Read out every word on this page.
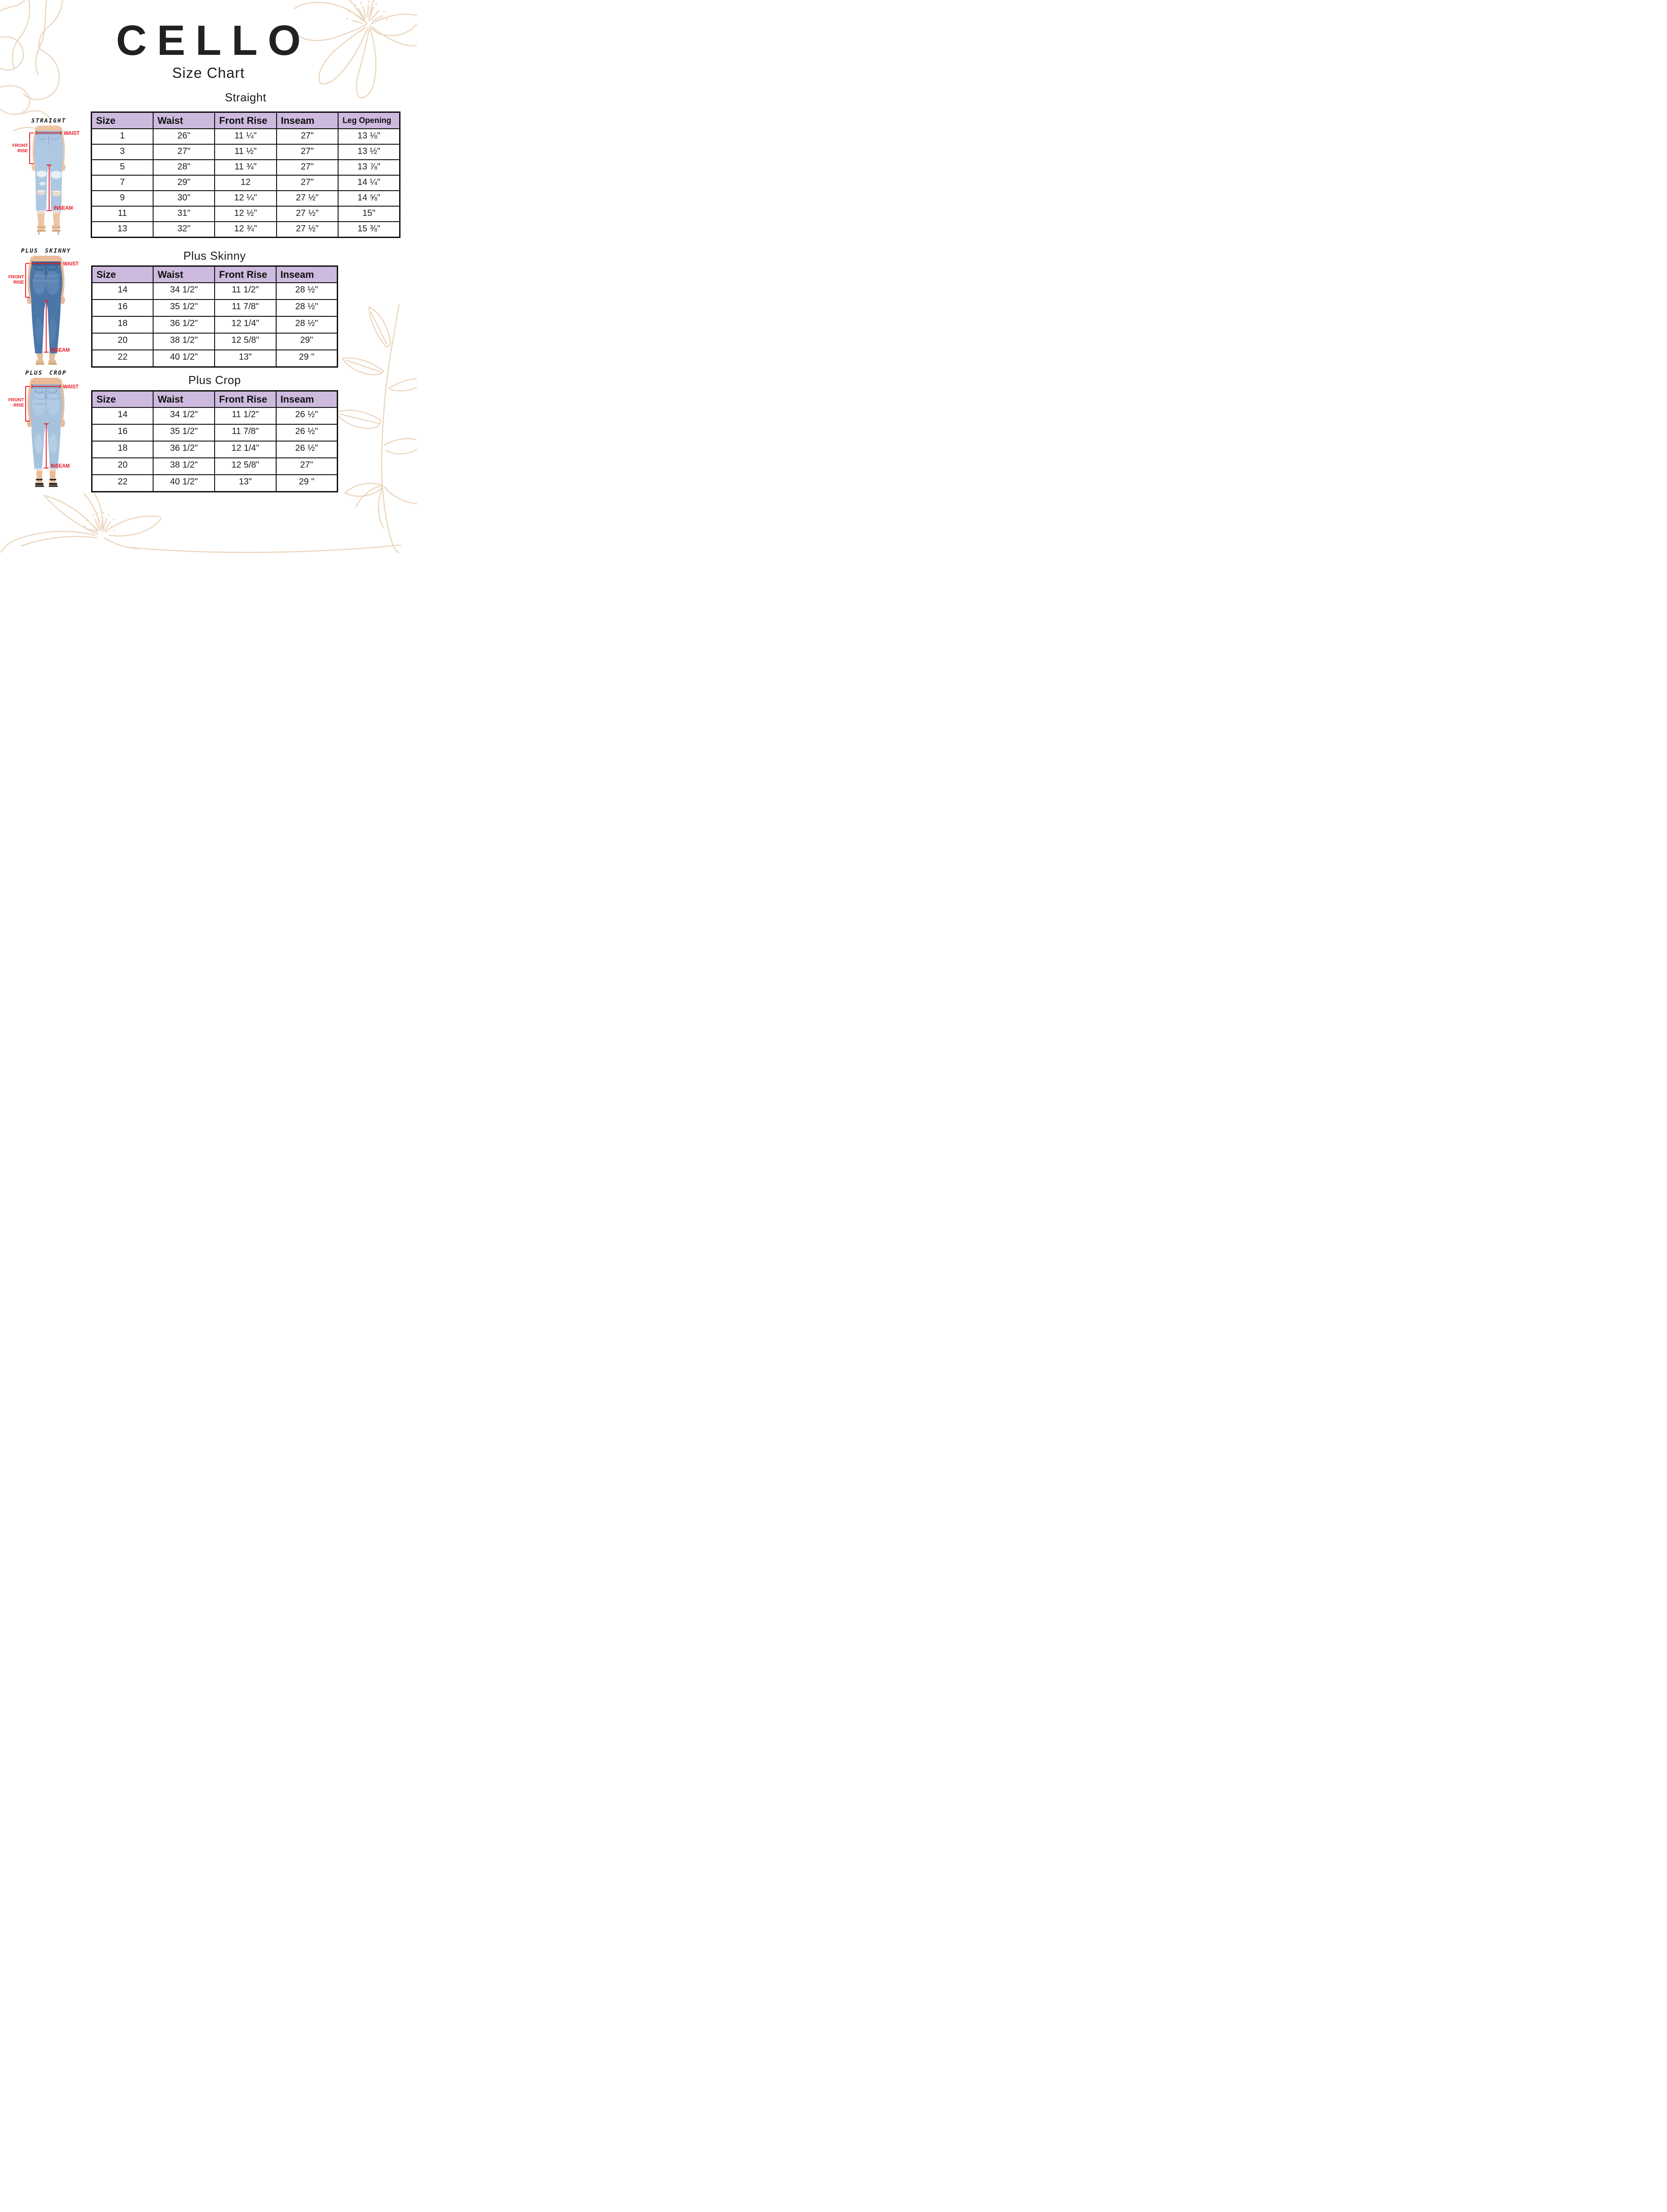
CELLO
Size Chart
Straight
Plus Skinny
Plus Crop
Size	Waist	Front Rise	Inseam	Leg Opening
1	26"	11 ¼"	27"	13 ⅛"
3	27"	11 ½"	27"	13 ½"
5	28"	11 ¾"	27"	13 ⅞"
7	29"	12	27"	14 ¼"
9	30"	12 ¼"	27 ½"	14 ⅝"
11	31"	12 ½"	27 ½"	15"
13	32"	12 ¾"	27 ½"	15 ⅜"
Size	Waist	Front Rise	Inseam
14	34 1/2"	11 1/2"	28 ½"
16	35 1/2"	11 7/8"	28 ½"
18	36 1/2"	12 1/4"	28 ½"
20	38 1/2"	12 5/8"	29"
22	40 1/2"	13"	29 "
Size	Waist	Front Rise	Inseam
14	34 1/2"	11 1/2"	26 ½"
16	35 1/2"	11 7/8"	26 ½"
18	36 1/2"	12 1/4"	26 ½"
20	38 1/2"	12 5/8"	27"
22	40 1/2"	13"	29 "
STRAIGHT
WAIST
FRONT
RISE
INSEAM
PLUS SKINNY
WAIST
FRONT
RISE
INSEAM
PLUS CROP
WAIST
FRONT
RISE
INSEAM
